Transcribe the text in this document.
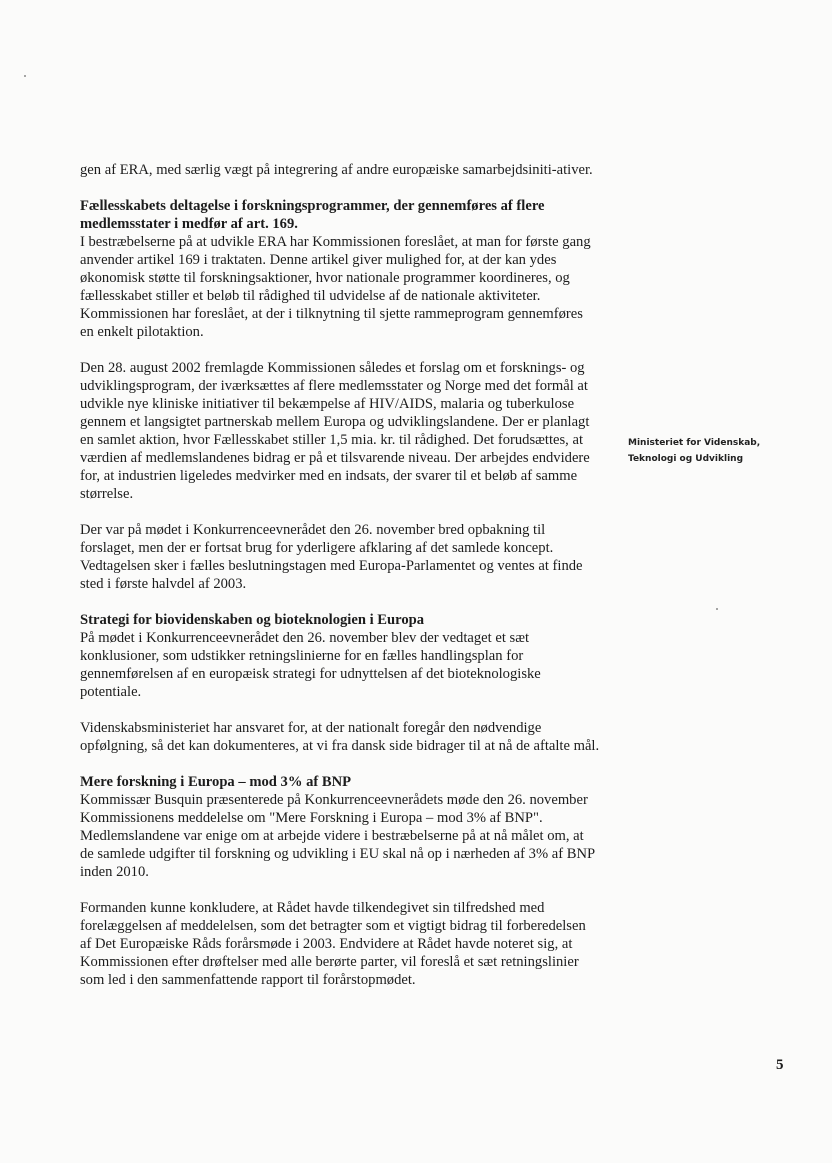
gen af ERA, med særlig vægt på integrering af andre europæiske samarbejdsiniti-ativer.

Fællesskabets deltagelse i forskningsprogrammer, der gennemføres af flere medlemsstater i medfør af art. 169.

I bestræbelserne på at udvikle ERA har Kommissionen foreslået, at man for første gang anvender artikel 169 i traktaten. Denne artikel giver mulighed for, at der kan ydes økonomisk støtte til forskningsaktioner, hvor nationale programmer koordineres, og fællesskabet stiller et beløb til rådighed til udvidelse af de nationale aktiviteter. Kommissionen har foreslået, at der i tilknytning til sjette rammeprogram gennemføres en enkelt pilotaktion.

Den 28. august 2002 fremlagde Kommissionen således et forslag om et forsknings- og udviklingsprogram, der iværksættes af flere medlemsstater og Norge med det formål at udvikle nye kliniske initiativer til bekæmpelse af HIV/AIDS, malaria og tuberkulose gennem et langsigtet partnerskab mellem Europa og udviklingslandene. Der er planlagt en samlet aktion, hvor Fællesskabet stiller 1,5 mia. kr. til rådighed. Det forudsættes, at værdien af medlemslandenes bidrag er på et tilsvarende niveau. Der arbejdes endvidere for, at industrien ligeledes medvirker med en indsats, der svarer til et beløb af samme størrelse.

Der var på mødet i Konkurrenceevnerådet den 26. november bred opbakning til forslaget, men der er fortsat brug for yderligere afklaring af det samlede koncept. Vedtagelsen sker i fælles beslutningstagen med Europa-Parlamentet og ventes at finde sted i første halvdel af 2003.

Strategi for biovidenskaben og bioteknologien i Europa

På mødet i Konkurrenceevnerådet den 26. november blev der vedtaget et sæt konklusioner, som udstikker retningslinierne for en fælles handlingsplan for gennemførelsen af en europæisk strategi for udnyttelsen af det bioteknologiske potentiale.

Videnskabsministeriet har ansvaret for, at der nationalt foregår den nødvendige opfølgning, så det kan dokumenteres, at vi fra dansk side bidrager til at nå de aftalte mål.

Mere forskning i Europa – mod 3% af BNP

Kommissær Busquin præsenterede på Konkurrenceevnerådets møde den 26. november Kommissionens meddelelse om "Mere Forskning i Europa – mod 3% af BNP". Medlemslandene var enige om at arbejde videre i bestræbelserne på at nå målet om, at de samlede udgifter til forskning og udvikling i EU skal nå op i nærheden af 3% af BNP inden 2010.

Formanden kunne konkludere, at Rådet havde tilkendegivet sin tilfredshed med forelæggelsen af meddelelsen, som det betragter som et vigtigt bidrag til forberedelsen af Det Europæiske Råds forårsmøde i 2003. Endvidere at Rådet havde noteret sig, at Kommissionen efter drøftelser med alle berørte parter, vil foreslå et sæt retningslinier som led i den sammenfattende rapport til forårstopmødet.

Ministeriet for Videnskab,
Teknologi og Udvikling
5
